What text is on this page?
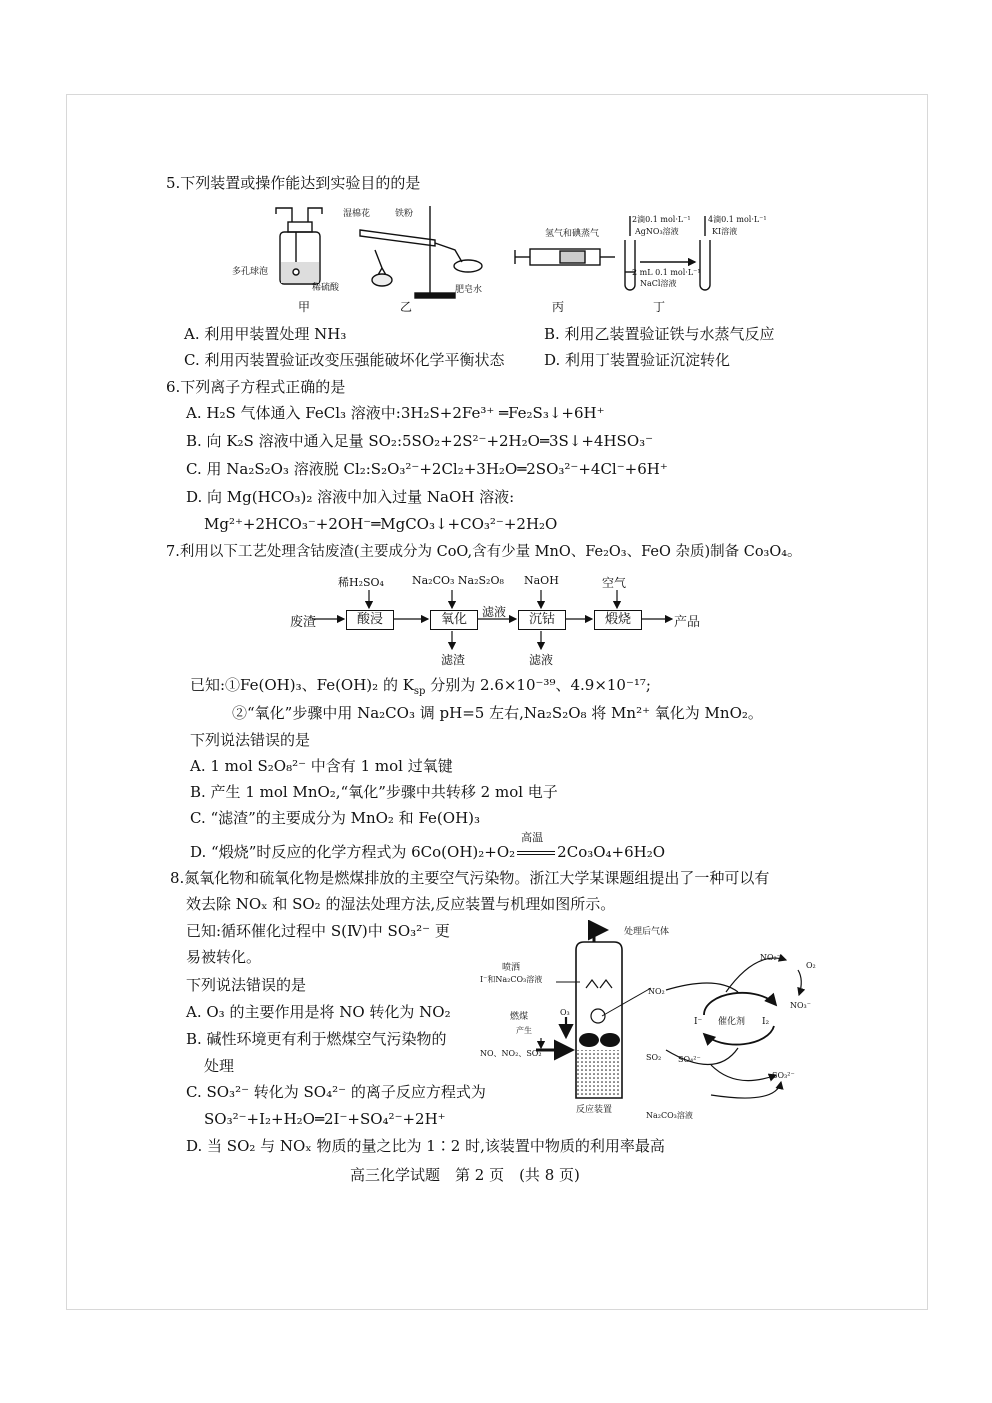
5.下列装置或操作能达到实验目的的是
多孔球泡
稀硫酸
湿棉花	铁粉
肥皂水
氢气和碘蒸气
2滴0.1 mol·L⁻¹
AgNO₃溶液
4滴0.1 mol·L⁻¹
KI溶液
2 mL 0.1 mol·L⁻¹
NaCl溶液
甲	乙	丙	丁
A. 利用甲装置处理 NH₃	B. 利用乙装置验证铁与水蒸气反应
C. 利用丙装置验证改变压强能破坏化学平衡状态	D. 利用丁装置验证沉淀转化
6.下列离子方程式正确的是
A. H₂S 气体通入 FeCl₃ 溶液中:3H₂S+2Fe³⁺ ═Fe₂S₃↓+6H⁺
B. 向 K₂S 溶液中通入足量 SO₂:5SO₂+2S²⁻+2H₂O═3S↓+4HSO₃⁻
C. 用 Na₂S₂O₃ 溶液脱 Cl₂:S₂O₃²⁻+2Cl₂+3H₂O═2SO₃²⁻+4Cl⁻+6H⁺
D. 向 Mg(HCO₃)₂ 溶液中加入过量 NaOH 溶液:
Mg²⁺+2HCO₃⁻+2OH⁻═MgCO₃↓+CO₃²⁻+2H₂O
7.利用以下工艺处理含钴废渣(主要成分为 CoO,含有少量 MnO、Fe₂O₃、FeO 杂质)制备 Co₃O₄。
稀H₂SO₄	Na₂CO₃ Na₂S₂O₈ NaOH	空气
废渣	酸浸	氧化	滤液	沉钴	煅烧	产品
滤渣	滤液
已知:①Fe(OH)₃、Fe(OH)₂ 的 $K_{sp}$ 分别为 2.6×10⁻³⁹、4.9×10⁻¹⁷;
②“氧化”步骤中用 Na₂CO₃ 调 pH=5 左右,Na₂S₂O₈ 将 Mn²⁺ 氧化为 MnO₂。
下列说法错误的是
A. 1 mol S₂O₈²⁻ 中含有 1 mol 过氧键
B. 产生 1 mol MnO₂,“氧化”步骤中共转移 2 mol 电子
C. “滤渣”的主要成分为 MnO₂ 和 Fe(OH)₃
D. “煅烧”时反应的化学方程式为 6Co(OH)₂+O₂
高温
2Co₃O₄+6H₂O
8.氮氧化物和硫氧化物是燃煤排放的主要空气污染物。浙江大学某课题组提出了一种可以有
效去除 NOₓ 和 SO₂ 的湿法处理方法,反应装置与机理如图所示。
已知:循环催化过程中 S(Ⅳ)中 SO₃²⁻ 更
易被转化。
下列说法错误的是
A. O₃ 的主要作用是将 NO 转化为 NO₂
B. 碱性环境更有利于燃煤空气污染物的
处理
C. SO₃²⁻ 转化为 SO₄²⁻ 的离子反应方程式为
SO₃²⁻+I₂+H₂O═2I⁻+SO₄²⁻+2H⁺
D. 当 SO₂ 与 NOₓ 物质的量之比为 1∶2 时,该装置中物质的利用率最高
处理后气体
喷洒
I⁻和Na₂CO₃溶液
燃煤
产生
O₃
NO、NO₂、SO₂
反应装置
NO₂
NO₂⁻
O₂
NO₃⁻
I⁻ 催化剂 I₂
SO₂ SO₄²⁻
SO₃²⁻
Na₂CO₃溶液
高三化学试题　第 2 页　(共 8 页)
